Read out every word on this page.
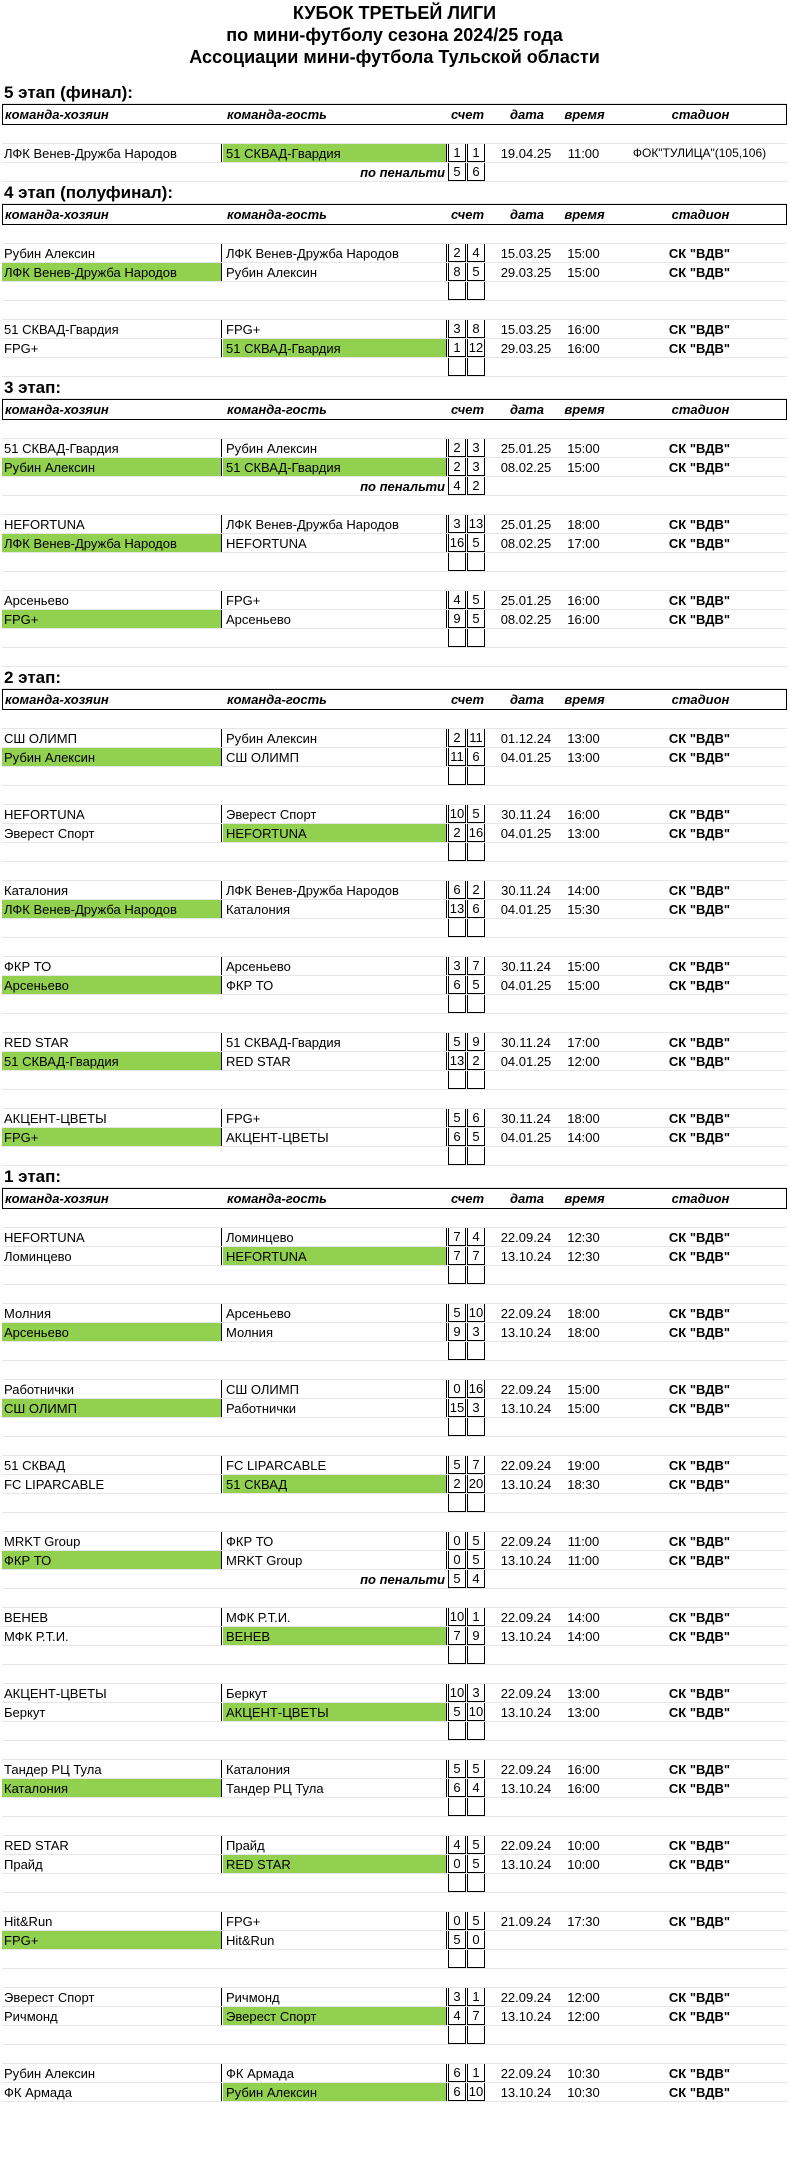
КУБОК ТРЕТЬЕЙ ЛИГИ
по мини-футболу сезона 2024/25 года
Ассоциации мини-футбола Тульской области
5 этап (финал):
команда-хозяин	команда-гость	счет	дата	время	стадион
ЛФК Венев-Дружба Народов	51 СКВАД-Гвардия	1 1	19.04.25	11:00	ФОК"ТУЛИЦА"(105,106)
по пенальти 5 6
4 этап (полуфинал):
команда-хозяин	команда-гость	счет	дата	время	стадион
Рубин Алексин	ЛФК Венев-Дружба Народов	2 4	15.03.25	15:00	СК "ВДВ"
ЛФК Венев-Дружба Народов	Рубин Алексин	8 5	29.03.25	15:00	СК "ВДВ"
51 СКВАД-Гвардия	FPG+	3 8	15.03.25	16:00	СК "ВДВ"
FPG+	51 СКВАД-Гвардия	1 12	29.03.25	16:00	СК "ВДВ"
3 этап:
команда-хозяин	команда-гость	счет	дата	время	стадион
51 СКВАД-Гвардия	Рубин Алексин	2 3	25.01.25	15:00	СК "ВДВ"
Рубин Алексин	51 СКВАД-Гвардия	2 3	08.02.25	15:00	СК "ВДВ"
по пенальти 4 2
HEFORTUNA	ЛФК Венев-Дружба Народов	3 13	25.01.25	18:00	СК "ВДВ"
ЛФК Венев-Дружба Народов	HEFORTUNA	16 5	08.02.25	17:00	СК "ВДВ"
Арсеньево	FPG+	4 5	25.01.25	16:00	СК "ВДВ"
FPG+	Арсеньево	9 5	08.02.25	16:00	СК "ВДВ"
2 этап:
команда-хозяин	команда-гость	счет	дата	время	стадион
СШ ОЛИМП	Рубин Алексин	2 11	01.12.24	13:00	СК "ВДВ"
Рубин Алексин	СШ ОЛИМП	11 6	04.01.25	13:00	СК "ВДВ"
HEFORTUNA	Эверест Спорт	10 5	30.11.24	16:00	СК "ВДВ"
Эверест Спорт	HEFORTUNA	2 16	04.01.25	13:00	СК "ВДВ"
Каталония	ЛФК Венев-Дружба Народов	6 2	30.11.24	14:00	СК "ВДВ"
ЛФК Венев-Дружба Народов	Каталония	13 6	04.01.25	15:30	СК "ВДВ"
ФКР ТО	Арсеньево	3 7	30.11.24	15:00	СК "ВДВ"
Арсеньево	ФКР ТО	6 5	04.01.25	15:00	СК "ВДВ"
RED STAR	51 СКВАД-Гвардия	5 9	30.11.24	17:00	СК "ВДВ"
51 СКВАД-Гвардия	RED STAR	13 2	04.01.25	12:00	СК "ВДВ"
АКЦЕНТ-ЦВЕТЫ	FPG+	5 6	30.11.24	18:00	СК "ВДВ"
FPG+	АКЦЕНТ-ЦВЕТЫ	6 5	04.01.25	14:00	СК "ВДВ"
1 этап:
команда-хозяин	команда-гость	счет	дата	время	стадион
HEFORTUNA	Ломинцево	7 4	22.09.24	12:30	СК "ВДВ"
Ломинцево	HEFORTUNA	7 7	13.10.24	12:30	СК "ВДВ"
Молния	Арсеньево	5 10	22.09.24	18:00	СК "ВДВ"
Арсеньево	Молния	9 3	13.10.24	18:00	СК "ВДВ"
Работнички	СШ ОЛИМП	0 16	22.09.24	15:00	СК "ВДВ"
СШ ОЛИМП	Работнички	15 3	13.10.24	15:00	СК "ВДВ"
51 СКВАД	FC LIPARCABLE	5 7	22.09.24	19:00	СК "ВДВ"
FC LIPARCABLE	51 СКВАД	2 20	13.10.24	18:30	СК "ВДВ"
MRKT Group	ФКР ТО	0 5	22.09.24	11:00	СК "ВДВ"
ФКР ТО	MRKT Group	0 5	13.10.24	11:00	СК "ВДВ"
по пенальти 5 4
ВЕНЕВ	МФК Р.Т.И.	10 1	22.09.24	14:00	СК "ВДВ"
МФК Р.Т.И.	ВЕНЕВ	7 9	13.10.24	14:00	СК "ВДВ"
АКЦЕНТ-ЦВЕТЫ	Беркут	10 3	22.09.24	13:00	СК "ВДВ"
Беркут	АКЦЕНТ-ЦВЕТЫ	5 10	13.10.24	13:00	СК "ВДВ"
Тандер РЦ Тула	Каталония	5 5	22.09.24	16:00	СК "ВДВ"
Каталония	Тандер РЦ Тула	6 4	13.10.24	16:00	СК "ВДВ"
RED STAR	Прайд	4 5	22.09.24	10:00	СК "ВДВ"
Прайд	RED STAR	0 5	13.10.24	10:00	СК "ВДВ"
Hit&Run	FPG+	0 5	21.09.24	17:30	СК "ВДВ"
FPG+	Hit&Run	5 0
Эверест Спорт	Ричмонд	3 1	22.09.24	12:00	СК "ВДВ"
Ричмонд	Эверест Спорт	4 7	13.10.24	12:00	СК "ВДВ"
Рубин Алексин	ФК Армада	6 1	22.09.24	10:30	СК "ВДВ"
ФК Армада	Рубин Алексин	6 10	13.10.24	10:30	СК "ВДВ"
